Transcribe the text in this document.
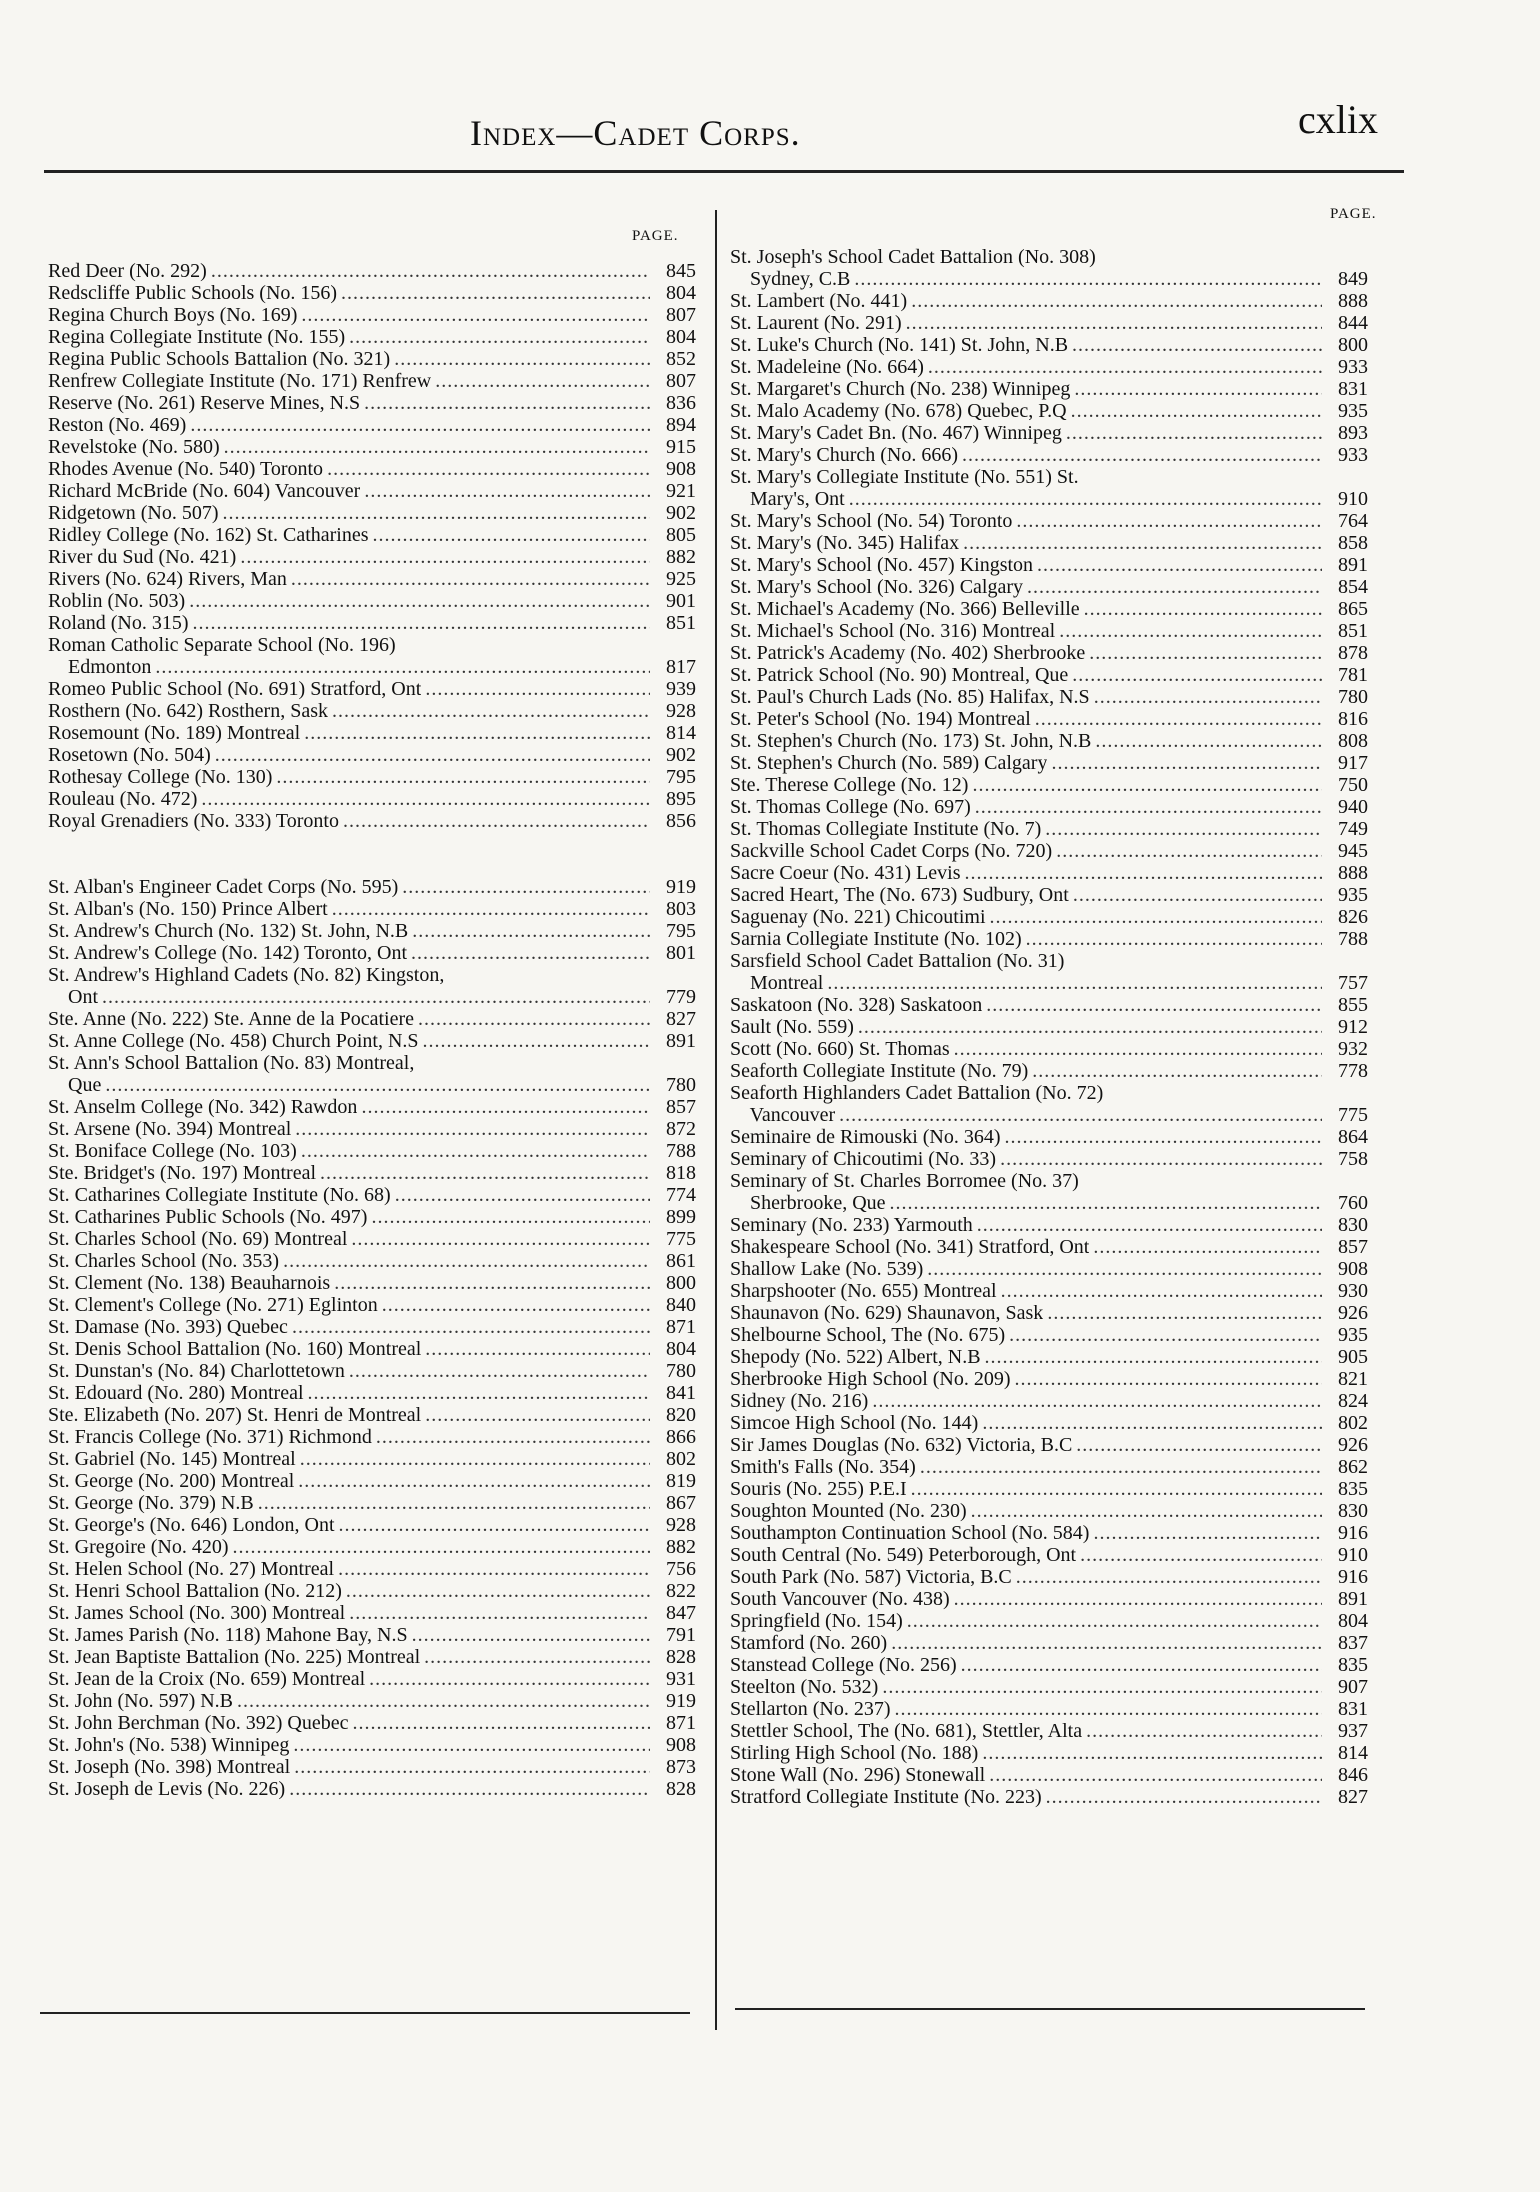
Index—Cadet Corps.	cxlix
PAGE.
PAGE.
Red Deer (No. 292) . . .	845
Redscliffe Public Schools (No. 156) . . .	804
Regina Church Boys (No. 169) . . .	807
Regina Collegiate Institute (No. 155) . . .	804
Regina Public Schools Battalion (No. 321) . . .	852
Renfrew Collegiate Institute (No. 171) Renfrew . . .	807
Reserve (No. 261) Reserve Mines, N.S . . .	836
Reston (No. 469) . . .	894
Revelstoke (No. 580) . . .	915
Rhodes Avenue (No. 540) Toronto . . .	908
Richard McBride (No. 604) Vancouver . . .	921
Ridgetown (No. 507) . . .	902
Ridley College (No. 162) St. Catharines . . .	805
River du Sud (No. 421) . . .	882
Rivers (No. 624) Rivers, Man . . .	925
Roblin (No. 503) . . .	901
Roland (No. 315) . . .	851
Roman Catholic Separate School (No. 196)
Edmonton . . .	817
Romeo Public School (No. 691) Stratford, Ont . . .	939
Rosthern (No. 642) Rosthern, Sask . . .	928
Rosemount (No. 189) Montreal . . .	814
Rosetown (No. 504) . . .	902
Rothesay College (No. 130) . . .	795
Rouleau (No. 472) . . .	895
Royal Grenadiers (No. 333) Toronto . . .	856
St. Alban's Engineer Cadet Corps (No. 595) . . .	919
St. Alban's (No. 150) Prince Albert . . .	803
St. Andrew's Church (No. 132) St. John, N.B . . .	795
St. Andrew's College (No. 142) Toronto, Ont . . .	801
St. Andrew's Highland Cadets (No. 82) Kingston,
Ont . . .	779
Ste. Anne (No. 222) Ste. Anne de la Pocatiere . . .	827
St. Anne College (No. 458) Church Point, N.S . . .	891
St. Ann's School Battalion (No. 83) Montreal,
Que . . .	780
St. Anselm College (No. 342) Rawdon . . .	857
St. Arsene (No. 394) Montreal . . .	872
St. Boniface College (No. 103) . . .	788
Ste. Bridget's (No. 197) Montreal . . .	818
St. Catharines Collegiate Institute (No. 68) . . .	774
St. Catharines Public Schools (No. 497) . . .	899
St. Charles School (No. 69) Montreal . . .	775
St. Charles School (No. 353) . . .	861
St. Clement (No. 138) Beauharnois . . .	800
St. Clement's College (No. 271) Eglinton . . .	840
St. Damase (No. 393) Quebec . . .	871
St. Denis School Battalion (No. 160) Montreal . . .	804
St. Dunstan's (No. 84) Charlottetown . . .	780
St. Edouard (No. 280) Montreal . . .	841
Ste. Elizabeth (No. 207) St. Henri de Montreal . . .	820
St. Francis College (No. 371) Richmond . . .	866
St. Gabriel (No. 145) Montreal . . .	802
St. George (No. 200) Montreal . . .	819
St. George (No. 379) N.B . . .	867
St. George's (No. 646) London, Ont . . .	928
St. Gregoire (No. 420) . . .	882
St. Helen School (No. 27) Montreal . . .	756
St. Henri School Battalion (No. 212) . . .	822
St. James School (No. 300) Montreal . . .	847
St. James Parish (No. 118) Mahone Bay, N.S . . .	791
St. Jean Baptiste Battalion (No. 225) Montreal . . .	828
St. Jean de la Croix (No. 659) Montreal . . .	931
St. John (No. 597) N.B . . .	919
St. John Berchman (No. 392) Quebec . . .	871
St. John's (No. 538) Winnipeg . . .	908
St. Joseph (No. 398) Montreal . . .	873
St. Joseph de Levis (No. 226) . . .	828
St. Joseph's School Cadet Battalion (No. 308)
Sydney, C.B . . .	849
St. Lambert (No. 441) . . .	888
St. Laurent (No. 291) . . .	844
St. Luke's Church (No. 141) St. John, N.B . . .	800
St. Madeleine (No. 664) . . .	933
St. Margaret's Church (No. 238) Winnipeg . . .	831
St. Malo Academy (No. 678) Quebec, P.Q . . .	935
St. Mary's Cadet Bn. (No. 467) Winnipeg . . .	893
St. Mary's Church (No. 666) . . .	933
St. Mary's Collegiate Institute (No. 551) St.
Mary's, Ont . . .	910
St. Mary's School (No. 54) Toronto . . .	764
St. Mary's (No. 345) Halifax . . .	858
St. Mary's School (No. 457) Kingston . . .	891
St. Mary's School (No. 326) Calgary . . .	854
St. Michael's Academy (No. 366) Belleville . . .	865
St. Michael's School (No. 316) Montreal . . .	851
St. Patrick's Academy (No. 402) Sherbrooke . . .	878
St. Patrick School (No. 90) Montreal, Que . . .	781
St. Paul's Church Lads (No. 85) Halifax, N.S . . .	780
St. Peter's School (No. 194) Montreal . . .	816
St. Stephen's Church (No. 173) St. John, N.B . . .	808
St. Stephen's Church (No. 589) Calgary . . .	917
Ste. Therese College (No. 12) . . .	750
St. Thomas College (No. 697) . . .	940
St. Thomas Collegiate Institute (No. 7) . . .	749
Sackville School Cadet Corps (No. 720) . . .	945
Sacre Coeur (No. 431) Levis . . .	888
Sacred Heart, The (No. 673) Sudbury, Ont . . .	935
Saguenay (No. 221) Chicoutimi . . .	826
Sarnia Collegiate Institute (No. 102) . . .	788
Sarsfield School Cadet Battalion (No. 31)
Montreal . . .	757
Saskatoon (No. 328) Saskatoon . . .	855
Sault (No. 559) . . .	912
Scott (No. 660) St. Thomas . . .	932
Seaforth Collegiate Institute (No. 79) . . .	778
Seaforth Highlanders Cadet Battalion (No. 72)
Vancouver . . .	775
Seminaire de Rimouski (No. 364) . . .	864
Seminary of Chicoutimi (No. 33) . . .	758
Seminary of St. Charles Borromee (No. 37)
Sherbrooke, Que . . .	760
Seminary (No. 233) Yarmouth . . .	830
Shakespeare School (No. 341) Stratford, Ont . . .	857
Shallow Lake (No. 539) . . .	908
Sharpshooter (No. 655) Montreal . . .	930
Shaunavon (No. 629) Shaunavon, Sask . . .	926
Shelbourne School, The (No. 675) . . .	935
Shepody (No. 522) Albert, N.B . . .	905
Sherbrooke High School (No. 209) . . .	821
Sidney (No. 216) . . .	824
Simcoe High School (No. 144) . . .	802
Sir James Douglas (No. 632) Victoria, B.C . . .	926
Smith's Falls (No. 354) . . .	862
Souris (No. 255) P.E.I . . .	835
Soughton Mounted (No. 230) . . .	830
Southampton Continuation School (No. 584) . . .	916
South Central (No. 549) Peterborough, Ont . . .	910
South Park (No. 587) Victoria, B.C . . .	916
South Vancouver (No. 438) . . .	891
Springfield (No. 154) . . .	804
Stamford (No. 260) . . .	837
Stanstead College (No. 256) . . .	835
Steelton (No. 532) . . .	907
Stellarton (No. 237) . . .	831
Stettler School, The (No. 681), Stettler, Alta . . .	937
Stirling High School (No. 188) . . .	814
Stone Wall (No. 296) Stonewall . . .	846
Stratford Collegiate Institute (No. 223) . . .	827
